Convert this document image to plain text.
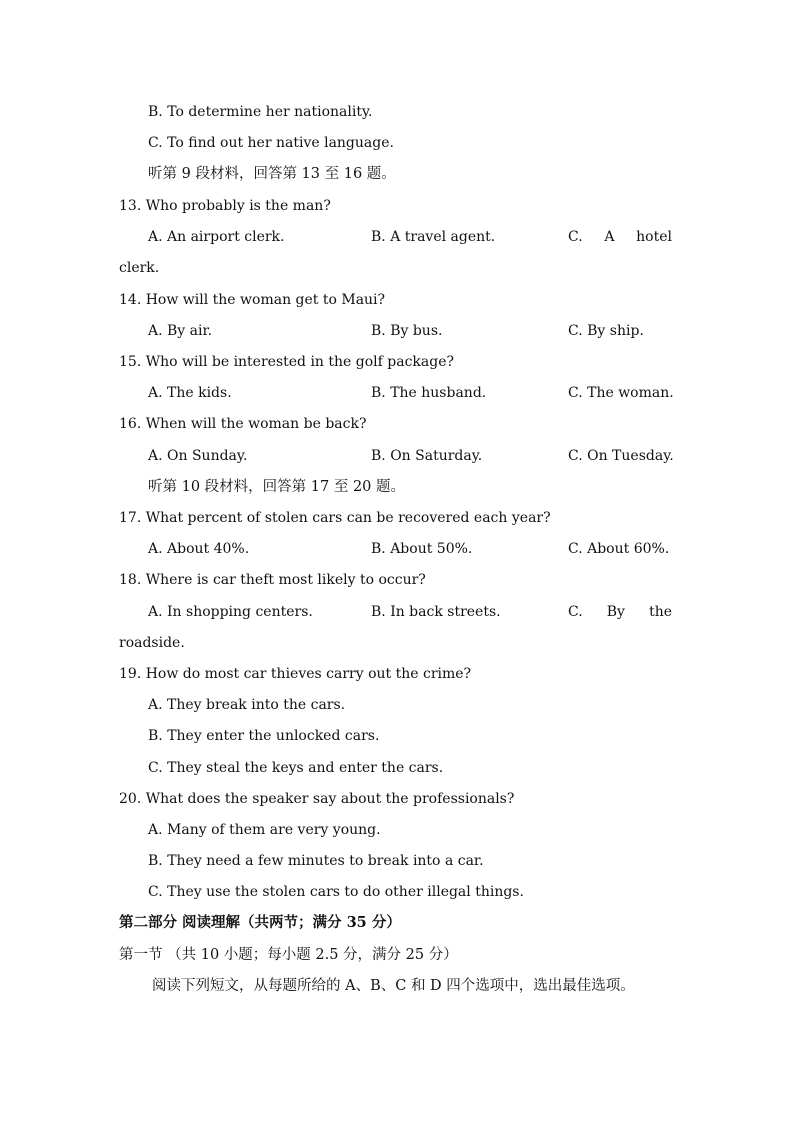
B. To determine her nationality.
C. To find out her native language.
听第 9 段材料，回答第 13 至 16 题。
13. Who probably is the man?
A. An airport clerk.	B. A travel agent.	C. A hotel
clerk.
14. How will the woman get to Maui?
A. By air.	B. By bus.	C. By ship.
15. Who will be interested in the golf package?
A. The kids.	B. The husband.	C. The woman.
16. When will the woman be back?
A. On Sunday.	B. On Saturday.	C. On Tuesday.
听第 10 段材料，回答第 17 至 20 题。
17. What percent of stolen cars can be recovered each year?
A. About 40%.	B. About 50%.	C. About 60%.
18. Where is car theft most likely to occur?
A. In shopping centers.	B. In back streets.	C. By the
roadside.
19. How do most car thieves carry out the crime?
A. They break into the cars.
B. They enter the unlocked cars.
C. They steal the keys and enter the cars.
20. What does the speaker say about the professionals?
A. Many of them are very young.
B. They need a few minutes to break into a car.
C. They use the stolen cars to do other illegal things.
第二部分 阅读理解（共两节；满分 35 分）
第一节 （共 10 小题；每小题 2.5 分，满分 25 分）
阅读下列短文，从每题所给的 A、B、C 和 D 四个选项中，选出最佳选项。
